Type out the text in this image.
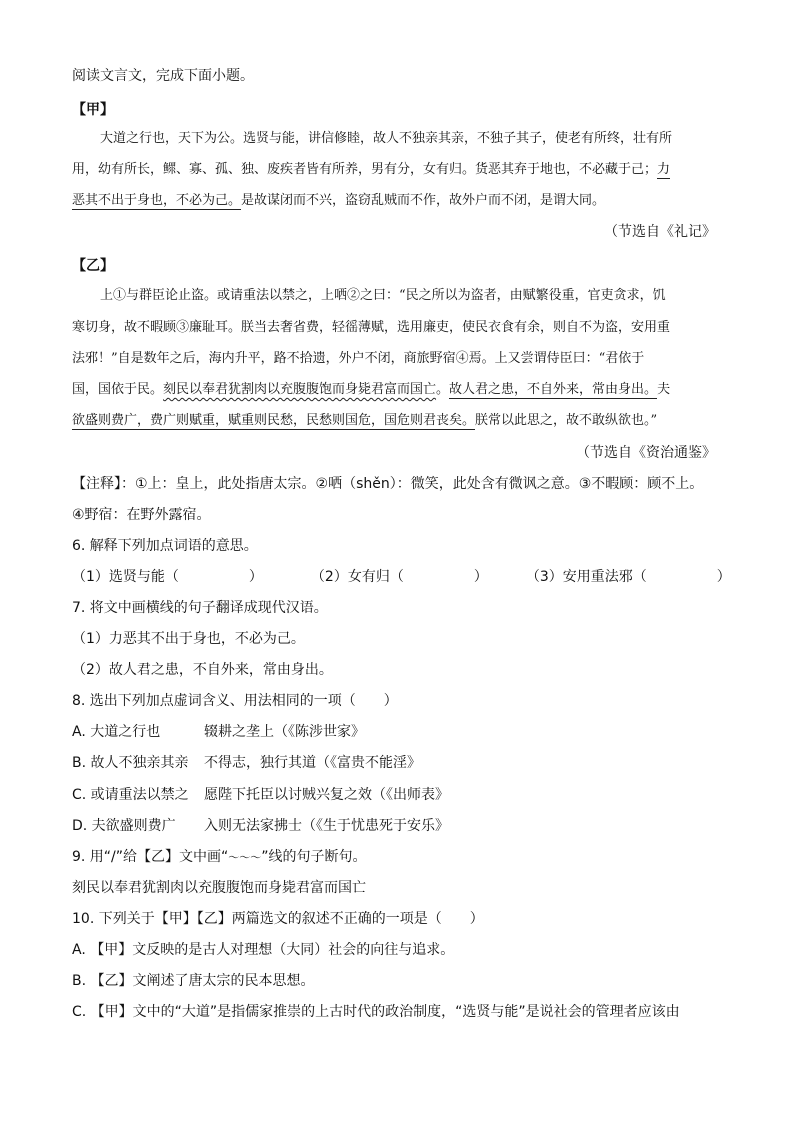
阅读文言文，完成下面小题。
【甲】
大道之行也，天下为公。选贤与能，讲信修睦，故人不独亲其亲，不独子其子，使老有所终，壮有所
用，幼有所长，鳏、寡、孤、独、废疾者皆有所养，男有分，女有归。货恶其弃于地也，不必藏于己；力
恶其不出于身也，不必为己。是故谋闭而不兴，盗窃乱贼而不作，故外户而不闭，是谓大同。
（节选自《礼记》
【乙】
上①与群臣论止盗。或请重法以禁之，上哂②之曰：“民之所以为盗者，由赋繁役重，官吏贪求，饥
寒切身，故不暇顾③廉耻耳。朕当去奢省费，轻徭薄赋，选用廉吏，使民衣食有余，则自不为盗，安用重
法邪！”自是数年之后，海内升平，路不拾遗，外户不闭，商旅野宿④焉。上又尝谓侍臣曰：“君依于
国，国依于民。刻民以奉君犹割肉以充腹腹饱而身毙君富而国亡。故人君之患，不自外来，常由身出。夫
欲盛则费广，费广则赋重，赋重则民愁，民愁则国危，国危则君丧矣。朕常以此思之，故不敢纵欲也。”
（节选自《资治通鉴》
【注释】：①上：皇上，此处指唐太宗。②哂（shěn）：微笑，此处含有微讽之意。③不暇顾：顾不上。
④野宿：在野外露宿。
6. 解释下列加点词语的意思。
（1）选贤与能（　　　　　）	（2）女有归（　　　　　）	（3）安用重法邪（　　　　　）
7. 将文中画横线的句子翻译成现代汉语。
（1）力恶其不出于身也，不必为己。
（2）故人君之患，不自外来，常由身出。
8. 选出下列加点虚词含义、用法相同的一项（　　）
A. 大道之行也	辍耕之垄上（《陈涉世家》
B. 故人不独亲其亲 不得志，独行其道（《富贵不能淫》
C. 或请重法以禁之 愿陛下托臣以讨贼兴复之效（《出师表》
D. 夫欲盛则费广 入则无法家拂士（《生于忧患死于安乐》
9. 用“/”给【乙】文中画“～～～”线的句子断句。
刻民以奉君犹割肉以充腹腹饱而身毙君富而国亡
10. 下列关于【甲】【乙】两篇选文的叙述不正确的一项是（　　）
A. 【甲】文反映的是古人对理想（大同）社会的向往与追求。
B. 【乙】文阐述了唐太宗的民本思想。
C. 【甲】文中的“大道”是指儒家推崇的上古时代的政治制度，“选贤与能”是说社会的管理者应该由
